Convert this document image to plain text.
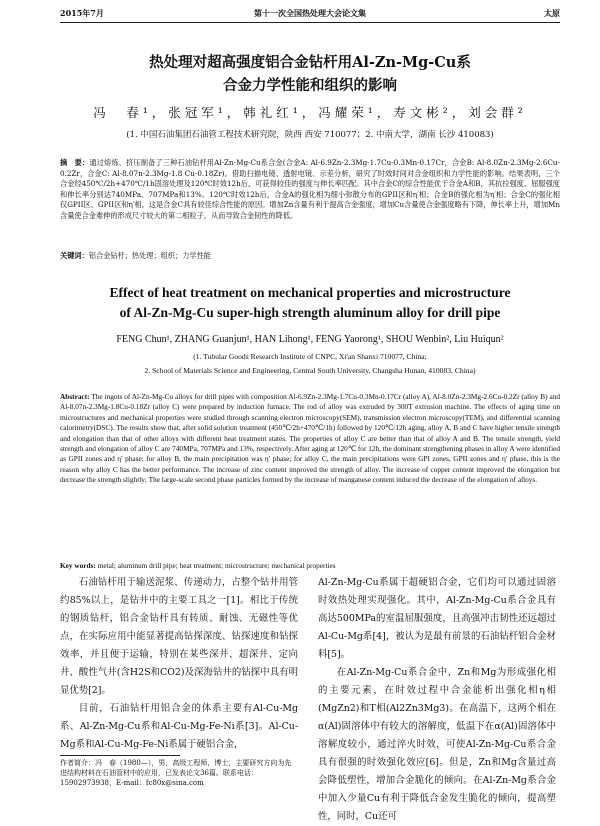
2015年7月	第十一次全国热处理大会论文集	太原
热处理对超高强度铝合金钻杆用Al-Zn-Mg-Cu系
合金力学性能和组织的影响
冯　春¹，张冠军¹，韩礼红¹，冯耀荣¹，寿文彬²，刘会群²
(1. 中国石油集团石油管工程技术研究院，陕西 西安 710077；2. 中南大学，湖南 长沙 410083)
摘　要：通过熔炼、挤压制备了三种石油钻杆用Al-Zn-Mg-Cu系合金(合金A: Al-6.9Zn-2.3Mg-1.7Cu-0.3Mn-0.17Cr，合金B: Al-8.0Zn-2.3Mg-2.6Cu-0.2Zr，合金C: Al-8.07n-2.3Mg-1.8 Cu-0.18Zr)。借助扫描电镜、透射电镜、示差分析，研究了时效时间对合金组织和力学性能的影响。结果表明，三个合金经450℃/2h+470℃/1h固溶处理及120℃时效12h后，可获得较佳的强度与伸长率匹配。其中合金C的综合性能优于合金A和B，其抗拉强度、屈服强度和伸长率分别达740MPa、707MPa和13%。120℃时效12h后，合金A的强化相为细小弥散分布的GPII区和η′相；合金B的强化相为η′相；合金C的强化相仅GPII区、GPII区和η′相，这是合金C具有较佳综合性能的原因。增加Zn含量有利于提高合金强度，增加Cu含量使合金强度略有下降，伸长率上升，增加Mn含量使合金难伸的形成尺寸较大的第二相粒子，从而导致合金韧性的降低。
关键词：铝合金钻杆；热处理；组织；力学性能
Effect of heat treatment on mechanical properties and microstructure
of Al-Zn-Mg-Cu super-high strength aluminum alloy for drill pipe
FENG Chun¹, ZHANG Guanjun¹, HAN Lihong¹, FENG Yaorong¹, SHOU Wenbin², Liu Huiqun²
(1. Tubular Goods Research Institute of CNPC, Xi'an Shanxi 710077, China;
2. School of Materials Science and Engineering, Central South University, Changsha Hunan, 410083, China)
Abstract: The ingots of Al-Zn-Mg-Cu alloys for drill pipes with composition Al-6.9Zn-2.3Mg-1.7Cu-0.3Mn-0.17Cr (alloy A), Al-8.0Zn-2.3Mg-2.6Cu-0.2Zr (alloy B) and Al-8.07n-2.3Mg-1.8Cu-0.18Zr (alloy C) were prepared by induction furnace. The rod of alloy was extruded by 300T extrusion machine. The effects of aging time on microstructures and mechanical properties were studied through scanning electron microscopy(SEM), transmission electron microscopy(TEM), and differential scanning calorimetry(DSC). The results show that, after solid solution treatment (450℃/2h+470℃/1h) followed by 120℃/12h aging, alloy A, B and C have higher tensile strength and elongation than that of other alloys with different heat treatment states. The properties of alloy C are better than that of alloy A and B. The tensile strength, yield strength and elongation of alloy C are 740MPa, 707MPa and 13%, respectively. After aging at 120℃ for 12h, the dominant strengthening phases in alloy A were identified as GPII zones and η′ phase; for alloy B, the main precipitation was η′ phase; for alloy C, the main precipitations were GPI zones, GPII zones and η′ phase, this is the reason why alloy C has the better performance. The increase of zinc content improved the strength of alloy. The increase of copper content improved the elongation but decrease the strength slightly; The large-scale second phase particles formed by the increase of manganese content induced the decrease of the elongation of alloys.
Key words: metal; aluminum drill pipe; heat treatment; microstructure; mechanical properties

石油钻杆用于输送泥浆、传递动力，占整个钻井用管约85%以上，是钻井中的主要工具之一[1]。相比于传统的钢质钻杆，铝合金钻杆具有转质、耐蚀、无磁性等优点，在实际应用中能显著提高钻探深度、钻探速度和钻探效率，并且便于运输，特别在某些深井、超深井、定向井、酸性气井(含H2S和CO2)及深海钻井的钻探中具有明显优势[2]。

目前，石油钻杆用铝合金的体系主要有Al-Cu-Mg系、Al-Zn-Mg-Cu系和Al-Cu-Mg-Fe-Ni系[3]。Al-Cu-Mg系和Al-Cu-Mg-Fe-Ni系属于硬铝合金，

Al-Zn-Mg-Cu系属于超硬铝合金，它们均可以通过固溶时效热处理实现强化。其中，Al-Zn-Mg-Cu系合金具有高达500MPa的室温屈服强度，且高强冲击韧性还远超过Al-Cu-Mg系[4]，被认为是最有前景的石油钻杆铝合金材料[5]。

在Al-Zn-Mg-Cu系合金中，Zn和Mg为形成强化相的主要元素，在时效过程中合金能析出强化相η相(MgZn2)和T相(Al2Zn3Mg3)。在高温下，这两个相在α(Al)固溶体中有较大的溶解度，低温下在α(Al)固溶体中溶解度较小，通过淬火时效，可使Al-Zn-Mg-Cu系合金具有很强的时效强化效应[6]。但是，Zn和Mg含量过高会降低塑性，增加合金脆化的倾向。在Al-Zn-Mg系合金中加入少量Cu有利于降低合金发生脆化的倾向，提高塑性，同时，Cu还可

作者简介：冯　春（1980—），男，高级工程师，博士，主要研究方向为先进结构材料在石油管材中的应用，已发表论文36篇。联系电话：15902973938，E-mail：fc80x@sina.com
